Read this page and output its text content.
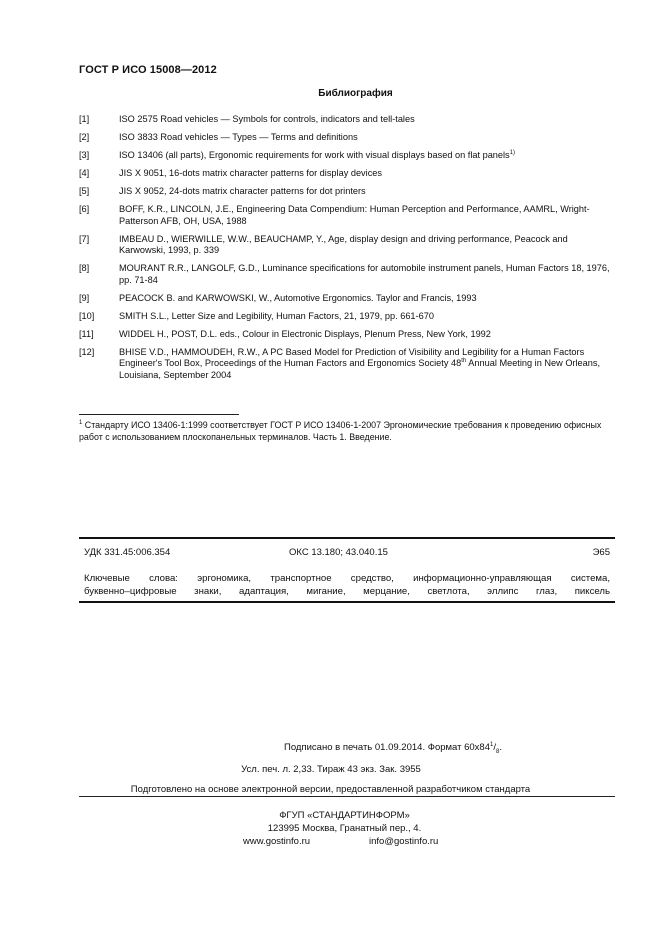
ГОСТ Р ИСО 15008—2012
Библиография
[1]	ISO 2575 Road vehicles — Symbols for controls, indicators and tell-tales
[2]	ISO 3833 Road vehicles — Types — Terms and definitions
[3]	ISO 13406 (all parts), Ergonomic requirements for work with visual displays based on flat panels$^{1)}$
[4]	JIS X 9051, 16-dots matrix character patterns for display devices
[5]	JIS X 9052, 24-dots matrix character patterns for dot printers
[6]	BOFF, K.R., LINCOLN, J.E., Engineering Data Compendium: Human Perception and Performance, AAMRL, Wright-Patterson AFB, OH, USA, 1988
[7]	IMBEAU D., WIERWILLE, W.W., BEAUCHAMP, Y., Age, display design and driving performance, Peacock and Karwowski, 1993, p. 339
[8]	MOURANT R.R., LANGOLF, G.D., Luminance specifications for automobile instrument panels, Human Factors 18, 1976, pp. 71-84
[9]	PEACOCK B. and KARWOWSKI, W., Automotive Ergonomics. Taylor and Francis, 1993
[10]	SMITH S.L., Letter Size and Legibility, Human Factors, 21, 1979, pp. 661-670
[11]	WIDDEL H., POST, D.L. eds., Colour in Electronic Displays, Plenum Press, New York, 1992
[12]	BHISE V.D., HAMMOUDEH, R.W., A PC Based Model for Prediction of Visibility and Legibility for a Human Factors Engineer's Tool Box, Proceedings of the Human Factors and Ergonomics Society 48th Annual Meeting in New Orleans, Louisiana, September 2004
$^1$ Стандарту ИСО 13406-1:1999 соответствует ГОСТ Р ИСО 13406-1-2007 Эргономические требования к проведению офисных работ с использованием плоскопанельных терминалов. Часть 1. Введение.
УДК 331.45:006.354	ОКС 13.180; 43.040.15	Э65
Ключевые слова: эргономика, транспортное средство, информационно-управляющая система,
буквенно–цифровые знаки, адаптация, мигание, мерцание, светлота, эллипс глаз, пиксель
Подписано в печать 01.09.2014. Формат $60x84^1/_8$.
Усл. печ. л. 2,33. Тираж 43 экз. Зак. 3955
Подготовлено на основе электронной версии, предоставленной разработчиком стандарта
ФГУП «СТАНДАРТИНФОРМ»
123995 Москва, Гранатный пер., 4.
www.gostinfo.ru	info@gostinfo.ru
